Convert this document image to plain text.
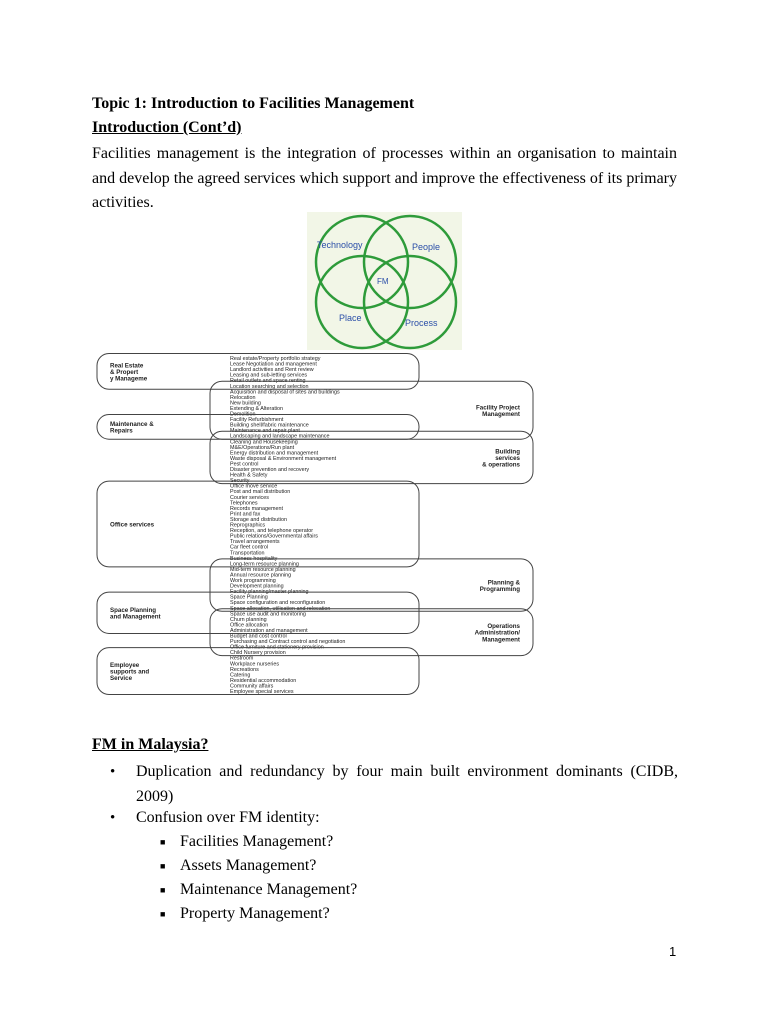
Topic 1: Introduction to Facilities Management
Introduction (Cont’d)
Facilities management is the integration of processes within an organisation to maintain and develop the agreed services which support and improve the effectiveness of its primary activities.
Technology	People
FM
Place	Process
Real estate/Property portfolio strategy
Lease Negotiation and management
Landlord activities and Rent review
Leasing and sub-letting services
Retail outlets and space renting
Location searching and selection
Acquisition and disposal of sites and buildings
Relocation
New building
Extending & Alteration
Demolition
Facility Refurbishment
Building shell/fabric maintenance
Maintenance and repair plant
Landscaping and landscape maintenance
Cleaning and Housekeeping
M&E/Operations/Run plant
Energy distribution and management
Waste disposal & Environment management
Pest control
Disaster prevention and recovery
Health & Safety
Security
Office move service
Post and mail distribution
Courier services
Telephones
Records management
Print and fax
Storage and distribution
Reprographics
Reception, and telephone operator
Public relations/Governmental affairs
Travel arrangements
Car fleet control
Transportation
Business hospitality
Long-term resource planning
Mid-term resource planning
Annual resource planning
Work programming
Development planning
Facility planning/master planning
Space Planning
Space configuration and reconfiguration
Space allocation, utilisation and relocation
Space use audit and monitoring
Churn planning
Office allocation
Administration and management
Budget and cost control
Purchasing and Contract control and negotiation
Office furniture and stationery provision
Child Nursery provision
Restroom
Workplace nurseries
Recreations
Catering
Residential accommodation
Community affairs
Employee special services
Real Estate & Propert y Manageme
Maintenance & Repairs
Office services
Space Planning and Management
Employee supports and Service
Facility Project Management
Building services & operations
Planning & Programming
Operations Administration/ Management
FM in Malaysia?
•	Duplication and redundancy by four main built environment dominants (CIDB, 2009)
•	Confusion over FM identity:
■ Facilities Management?
■ Assets Management?
■ Maintenance Management?
■ Property Management?
1
